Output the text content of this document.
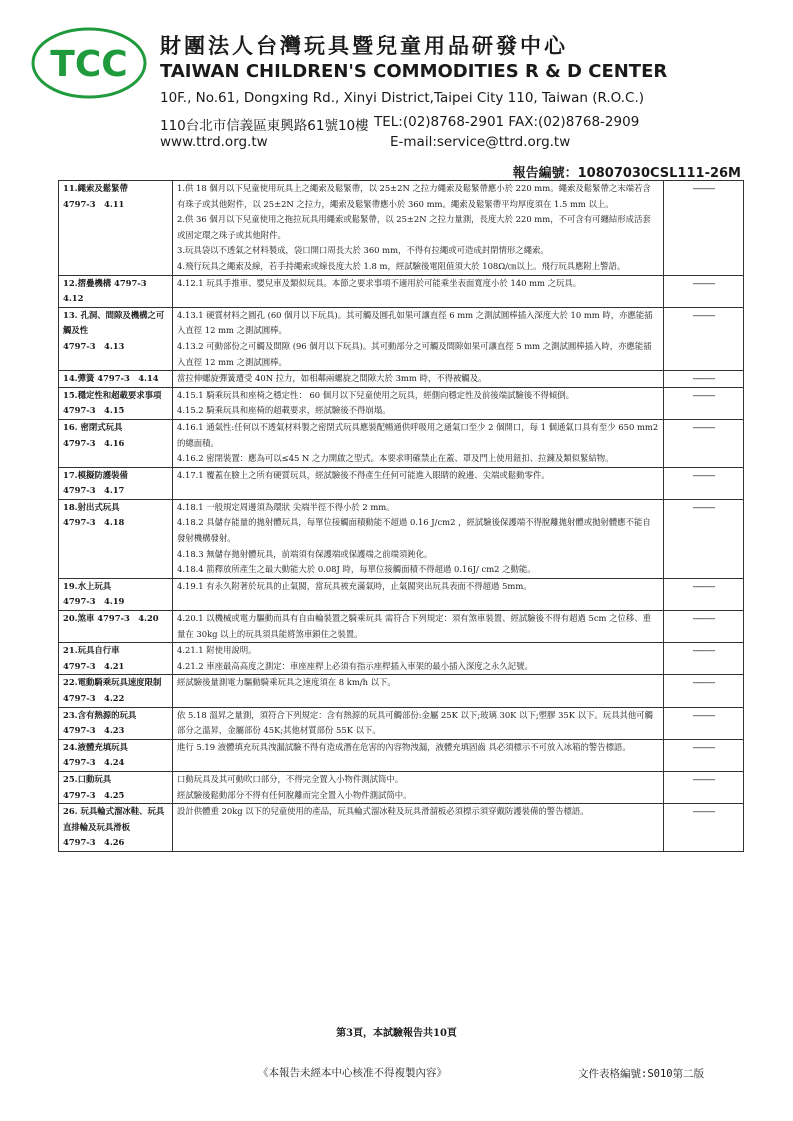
TCC 財團法人台灣玩具暨兒童用品研發中心
TAIWAN CHILDREN'S COMMODITIES R & D CENTER
10F., No.61, Dongxing Rd., Xinyi District,Taipei City 110, Taiwan (R.O.C.)
110台北市信義區東興路61號10樓 TEL:(02)8768-2901 FAX:(02)8768-2909
www.ttrd.org.tw	E-mail:service@ttrd.org.tw
報告編號：10807030CSL111-26M
11.繩索及鬆緊帶
4797-3　4.11	1.供 18 個月以下兒童使用玩具上之繩索及鬆緊帶，以 25±2N 之拉力繩索及鬆緊帶應小於 220 mm。繩索及鬆緊帶之末端若含有珠子或其他附件，以 25±2N 之拉力，繩索及鬆緊帶應小於 360 mm。繩索及鬆緊帶平均厚度須在 1.5 mm 以上。
2.供 36 個月以下兒童使用之拖拉玩具用繩索或鬆緊帶，以 25±2N 之拉力量測，長度大於 220 mm，不可含有可纏結形成活套或固定環之珠子或其他附件。
3.玩具袋以不透氣之材料製成，袋口開口周長大於 360 mm，不得有拉繩或可造成封閉情形之繩索。
4.飛行玩具之繩索及線，若手持繩索或線長度大於 1.8 m，經試驗後電阻值須大於 108Ω/㎝以上。飛行玩具應附上警語。	------------

12.摺疊機構 4797-3
4.12	4.12.1 玩具手推車、嬰兒車及類似玩具。本節之要求事項不適用於可能乘坐表面寬度小於 140 mm 之玩具。	------------

13. 孔洞、間隙及機構之可觸及性
4797-3　4.13	4.13.1 硬質材料之圓孔 (60 個月以下玩具)。其可觸及圓孔如果可讓直徑 6 mm 之測試圓棒插入深度大於 10 mm 時，亦應能插入直徑 12 mm 之測試圓棒。
4.13.2 可動部份之可觸及間隙 (96 個月以下玩具)。其可動部分之可觸及間隙如果可讓直徑 5 mm 之測試圓棒插入時，亦應能插入直徑 12 mm 之測試圓棒。	------------

14.彈簧 4797-3　4.14	當拉伸螺旋彈簧遭受 40N 拉力，如相鄰兩螺旋之間隙大於 3mm 時，不得被觸及。	------------

15.穩定性和超載要求事項
4797-3　4.15	4.15.1 騎乘玩具和座椅之穩定性： 60 個月以下兒童使用之玩具，經側向穩定性及前後端試驗後不得傾倒。
4.15.2 騎乘玩具和座椅的超載要求，經試驗後不得崩塌。	------------

16. 密閉式玩具
4797-3　4.16	4.16.1 通氣性:任何以不透氣材料製之密閉式玩具應裝配暢通供呼吸用之通氣口至少 2 個開口，每 1 個通氣口具有至少 650 mm2 的總面積。
4.16.2 密閉裝置：應為可以≤45 N 之力開啟之型式。本要求明確禁止在蓋、罩及門上使用鈕扣、拉鍊及類似緊結物。	------------

17.模擬防護裝備
4797-3　4.17	4.17.1 覆蓋在臉上之所有硬質玩具，經試驗後不得產生任何可能進入眼睛的銳邊、尖端或鬆動零件。	------------

18.射出式玩具
4797-3　4.18	4.18.1 一般規定周邊須為環狀 尖端半徑不得小於 2 mm。
4.18.2 具儲存能量的拋射體玩具，每單位接觸面積動能不超過 0.16 J/cm2 ，經試驗後保護端不得脫離拋射體或拋射體應不能自發射機構發射。
4.18.3 無儲存拋射體玩具，前端須有保護端或保護端之前端須鈍化。
4.18.4 箭釋放所產生之最大動能大於 0.08J 時，每單位接觸面積不得超過 0.16J/ cm2 之動能。	------------

19.水上玩具
4797-3　4.19	4.19.1 有永久附著於玩具的止氣閥，當玩具被充滿氣時，止氣閥突出玩具表面不得超過 5mm。	------------

20.煞車 4797-3　4.20	4.20.1 以機械或電力驅動而具有自由輪裝置之騎乘玩具 需符合下列規定：須有煞車裝置、經試驗後不得有超過 5cm 之位移、重量在 30kg 以上的玩具須具能將煞車鎖住之裝置。	------------

21.玩具自行車
4797-3　4.21	4.21.1 附使用說明。
4.21.2 車座最高高度之測定：車座座桿上必須有指示座桿插入車架的最小插入深度之永久記號。	------------

22.電動騎乘玩具速度限制
4797-3　4.22	經試驗後量測電力驅動騎乘玩具之速度須在 8 km/h 以下。	------------

23.含有熱源的玩具
4797-3　4.23	依 5.18 溫昇之量測，須符合下列規定：含有熱源的玩具可觸部份:金屬 25K 以下;玻璃 30K 以下;塑膠 35K 以下。玩具其他可觸部分之溫昇，金屬部份 45K;其他材質部份 55K 以下。	------------

24.液體充填玩具
4797-3　4.24	進行 5.19 液體填充玩具洩漏試驗不得有造成潛在危害的內容物洩漏，液體充填固齒 具必須標示不可放入冰箱的警告標語。	------------

25.口動玩具
4797-3　4.25	口動玩具及其可動吹口部分，不得完全置入小物件測試筒中。
經試驗後鬆動部分不得有任何脫離而完全置入小物件測試筒中。	------------

26. 玩具輪式溜冰鞋、玩具直排輪及玩具滑板
4797-3　4.26	設計供體重 20kg 以下的兒童使用的產品，玩具輪式溜冰鞋及玩具滑溜板必須標示須穿戴防護裝備的警告標語。	------------
第3頁，本試驗報告共10頁
《本報告未經本中心核准不得複製內容》	文件表格編號:S010第二版
